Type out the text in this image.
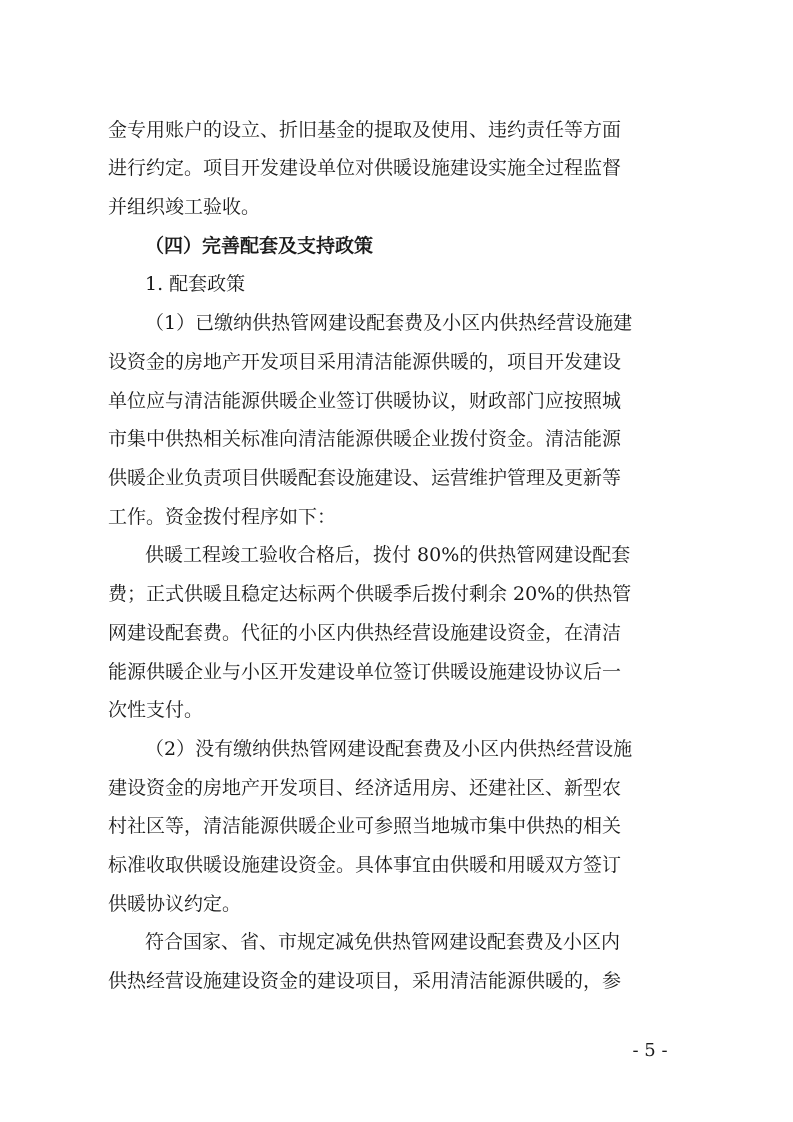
金专用账户的设立、折旧基金的提取及使用、违约责任等方面
进行约定。项目开发建设单位对供暖设施建设实施全过程监督
并组织竣工验收。
（四）完善配套及支持政策
1. 配套政策
（1）已缴纳供热管网建设配套费及小区内供热经营设施建
设资金的房地产开发项目采用清洁能源供暖的，项目开发建设
单位应与清洁能源供暖企业签订供暖协议，财政部门应按照城
市集中供热相关标准向清洁能源供暖企业拨付资金。清洁能源
供暖企业负责项目供暖配套设施建设、运营维护管理及更新等
工作。资金拨付程序如下：
供暖工程竣工验收合格后，拨付 80%的供热管网建设配套
费；正式供暖且稳定达标两个供暖季后拨付剩余 20%的供热管
网建设配套费。代征的小区内供热经营设施建设资金，在清洁
能源供暖企业与小区开发建设单位签订供暖设施建设协议后一
次性支付。
（2）没有缴纳供热管网建设配套费及小区内供热经营设施
建设资金的房地产开发项目、经济适用房、还建社区、新型农
村社区等，清洁能源供暖企业可参照当地城市集中供热的相关
标准收取供暖设施建设资金。具体事宜由供暖和用暖双方签订
供暖协议约定。
符合国家、省、市规定减免供热管网建设配套费及小区内
供热经营设施建设资金的建设项目，采用清洁能源供暖的，参
- 5 -
